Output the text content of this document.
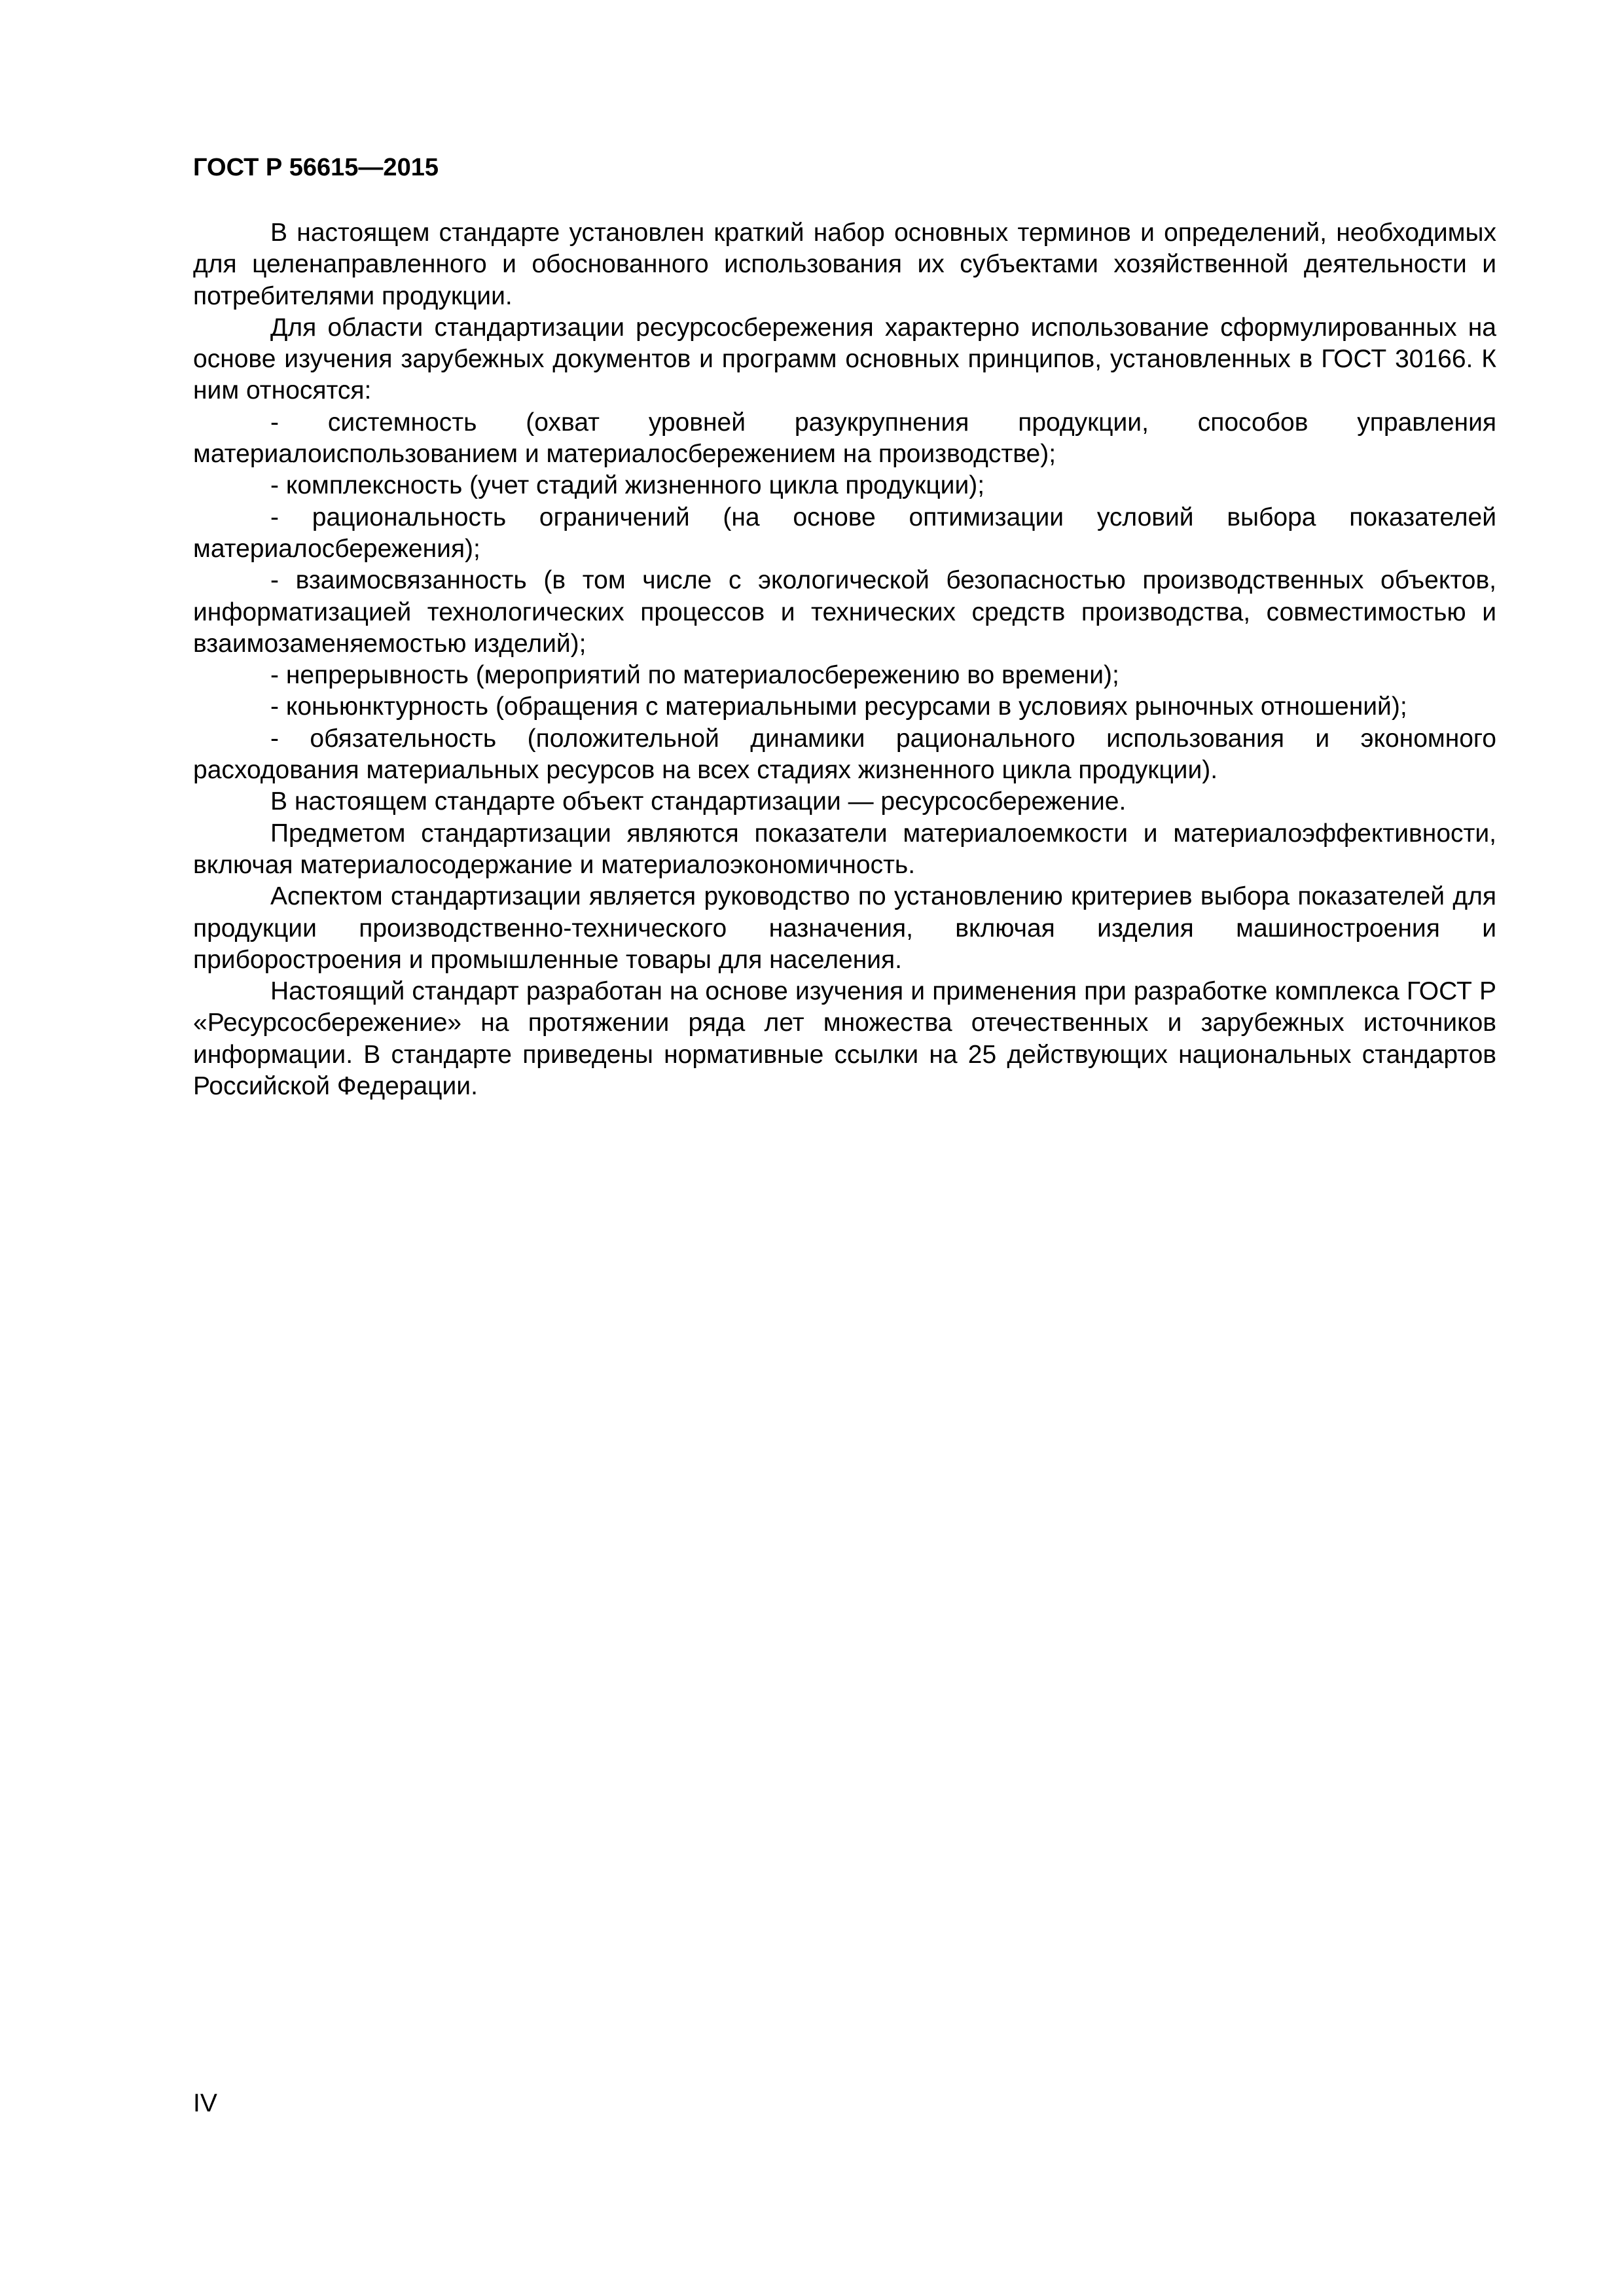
ГОСТ Р 56615—2015

В настоящем стандарте установлен краткий набор основных терминов и определений, необходимых для целенаправленного и обоснованного использования их субъектами хозяйственной деятельности и потребителями продукции.

Для области стандартизации ресурсосбережения характерно использование сформулированных на основе изучения зарубежных документов и программ основных принципов, установленных в ГОСТ 30166. К ним относятся:

- системность (охват уровней разукрупнения продукции, способов управления материалоиспользованием и материалосбережением на производстве);

- комплексность (учет стадий жизненного цикла продукции);

- рациональность ограничений (на основе оптимизации условий выбора показателей материалосбережения);

- взаимосвязанность (в том числе с экологической безопасностью производственных объектов, информатизацией технологических процессов и технических средств производства, совместимостью и взаимозаменяемостью изделий);

- непрерывность (мероприятий по материалосбережению во времени);

- коньюнктурность (обращения с материальными ресурсами в условиях рыночных отношений);

- обязательность (положительной динамики рационального использования и экономного расходования материальных ресурсов на всех стадиях жизненного цикла продукции).

В настоящем стандарте объект стандартизации — ресурсосбережение.

Предметом стандартизации являются показатели материалоемкости и материалоэффективности, включая материалосодержание и материалоэкономичность.

Аспектом стандартизации является руководство по установлению критериев выбора показателей для продукции производственно-технического назначения, включая изделия машиностроения и приборостроения и промышленные товары для населения.

Настоящий стандарт разработан на основе изучения и применения при разработке комплекса ГОСТ Р «Ресурсосбережение» на протяжении ряда лет множества отечественных и зарубежных источников информации. В стандарте приведены нормативные ссылки на 25 действующих национальных стандартов Российской Федерации.

IV
